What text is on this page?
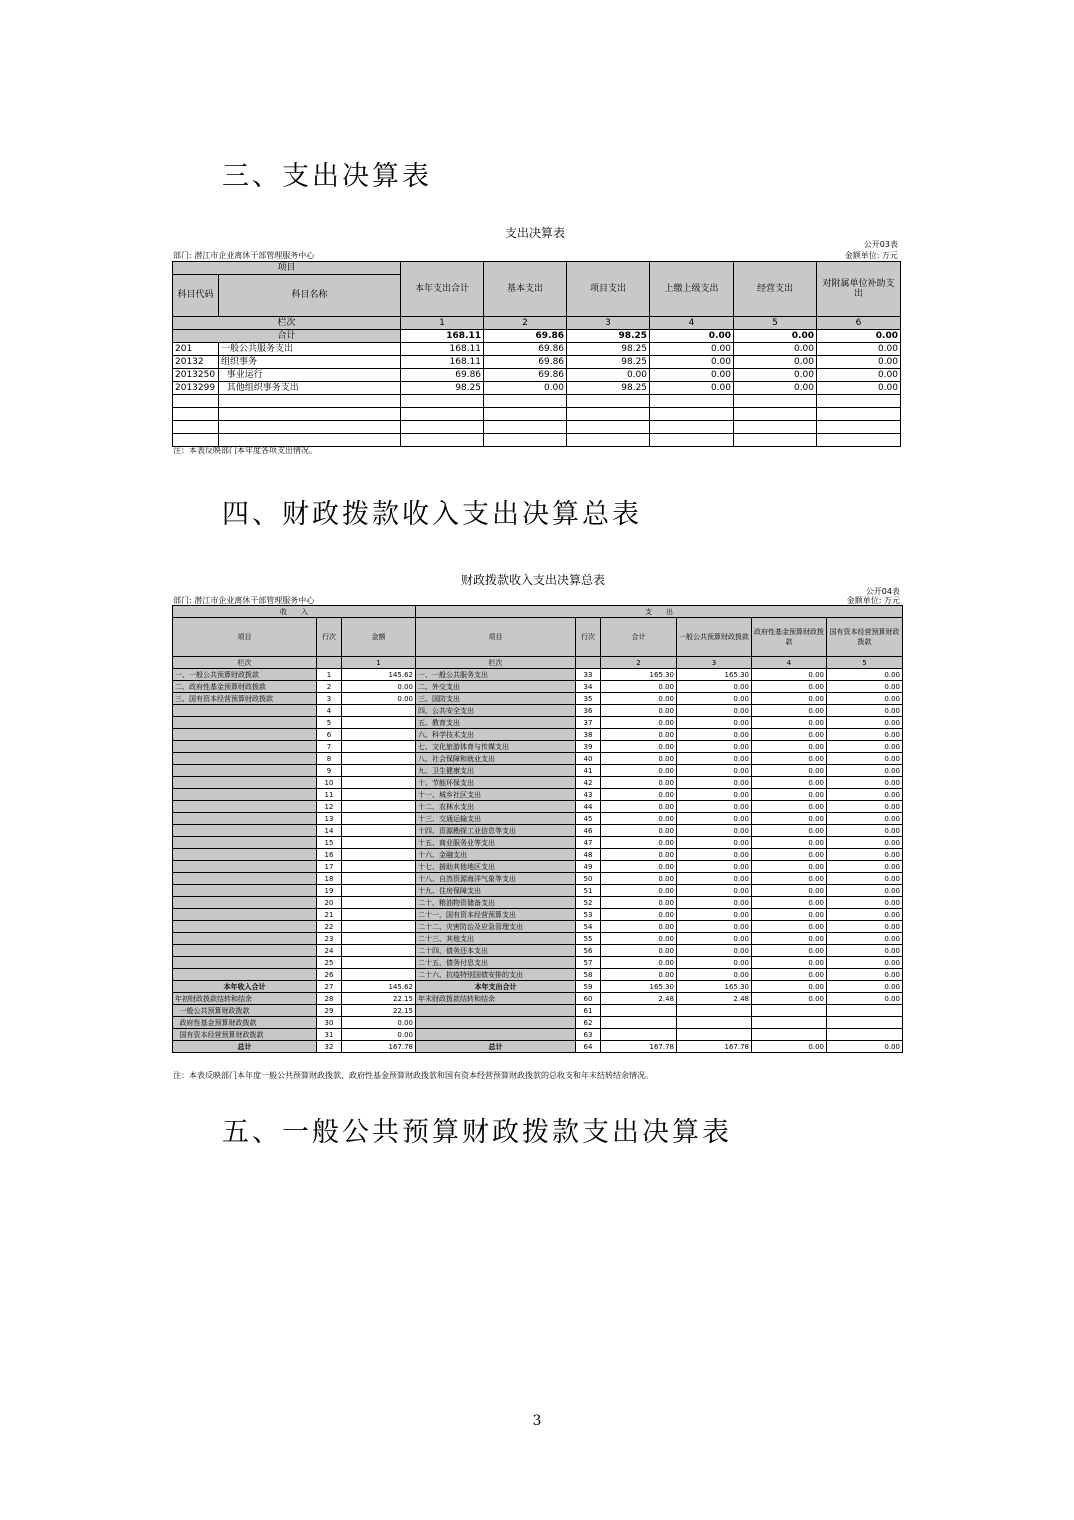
三、支出决算表
四、财政拨款收入支出决算总表
五、一般公共预算财政拨款支出决算表
支出决算表
公开03表
部门: 潜江市企业离休干部管理服务中心	金额单位: 万元
项目		本年支出合计	基本支出	项目支出	上缴上级支出	经营支出	对附属单位补助支出
科目代码	科目名称						
栏次		1	2	3	4	5	6
合计		168.11	69.86	98.25	0.00	0.00	0.00
201	一般公共服务支出	168.11	69.86	98.25	0.00	0.00	0.00
20132	组织事务	168.11	69.86	98.25	0.00	0.00	0.00
2013250	事业运行	69.86	69.86	0.00	0.00	0.00	0.00
2013299	其他组织事务支出	98.25	0.00	98.25	0.00	0.00	0.00

注：本表反映部门本年度各项支出情况。
财政拨款收入支出决算总表
公开04表
部门: 潜江市企业离休干部管理服务中心	金额单位: 万元
收　　入			支　　出					
项目	行次	金额	项目	行次	合计	一般公共预算财政拨款	政府性基金预算财政拨款	国有资本经营预算财政拨款
栏次		1	栏次		2	3	4	5
一、一般公共预算财政拨款	1	145.62	一、一般公共服务支出	33	165.30	165.30	0.00	0.00
二、政府性基金预算财政拨款	2	0.00	二、外交支出	34	0.00	0.00	0.00	0.00
三、国有资本经营预算财政拨款	3	0.00	三、国防支出	35	0.00	0.00	0.00	0.00
	4		四、公共安全支出	36	0.00	0.00	0.00	0.00
	5		五、教育支出	37	0.00	0.00	0.00	0.00
	6		六、科学技术支出	38	0.00	0.00	0.00	0.00
	7		七、文化旅游体育与传媒支出	39	0.00	0.00	0.00	0.00
	8		八、社会保障和就业支出	40	0.00	0.00	0.00	0.00
	9		九、卫生健康支出	41	0.00	0.00	0.00	0.00
	10		十、节能环保支出	42	0.00	0.00	0.00	0.00
	11		十一、城乡社区支出	43	0.00	0.00	0.00	0.00
	12		十二、农林水支出	44	0.00	0.00	0.00	0.00
	13		十三、交通运输支出	45	0.00	0.00	0.00	0.00
	14		十四、资源勘探工业信息等支出	46	0.00	0.00	0.00	0.00
	15		十五、商业服务业等支出	47	0.00	0.00	0.00	0.00
	16		十六、金融支出	48	0.00	0.00	0.00	0.00
	17		十七、援助其他地区支出	49	0.00	0.00	0.00	0.00
	18		十八、自然资源海洋气象等支出	50	0.00	0.00	0.00	0.00
	19		十九、住房保障支出	51	0.00	0.00	0.00	0.00
	20		二十、粮油物资储备支出	52	0.00	0.00	0.00	0.00
	21		二十一、国有资本经营预算支出	53	0.00	0.00	0.00	0.00
	22		二十二、灾害防治及应急管理支出	54	0.00	0.00	0.00	0.00
	23		二十三、其他支出	55	0.00	0.00	0.00	0.00
	24		二十四、债务还本支出	56	0.00	0.00	0.00	0.00
	25		二十五、债务付息支出	57	0.00	0.00	0.00	0.00
	26		二十六、抗疫特别国债安排的支出	58	0.00	0.00	0.00	0.00
本年收入合计	27	145.62	本年支出合计	59	165.30	165.30	0.00	0.00
年初财政拨款结转和结余	28	22.15	年末财政拨款结转和结余	60	2.48	2.48	0.00	0.00
一般公共预算财政拨款	29	22.15		61				
政府性基金预算财政拨款	30	0.00		62				
国有资本经营预算财政拨款	31	0.00		63				
总计	32	167.78	总计	64	167.78	167.78	0.00	0.00
注：本表反映部门本年度一般公共预算财政拨款、政府性基金预算财政拨款和国有资本经营预算财政拨款的总收支和年末结转结余情况。
3
